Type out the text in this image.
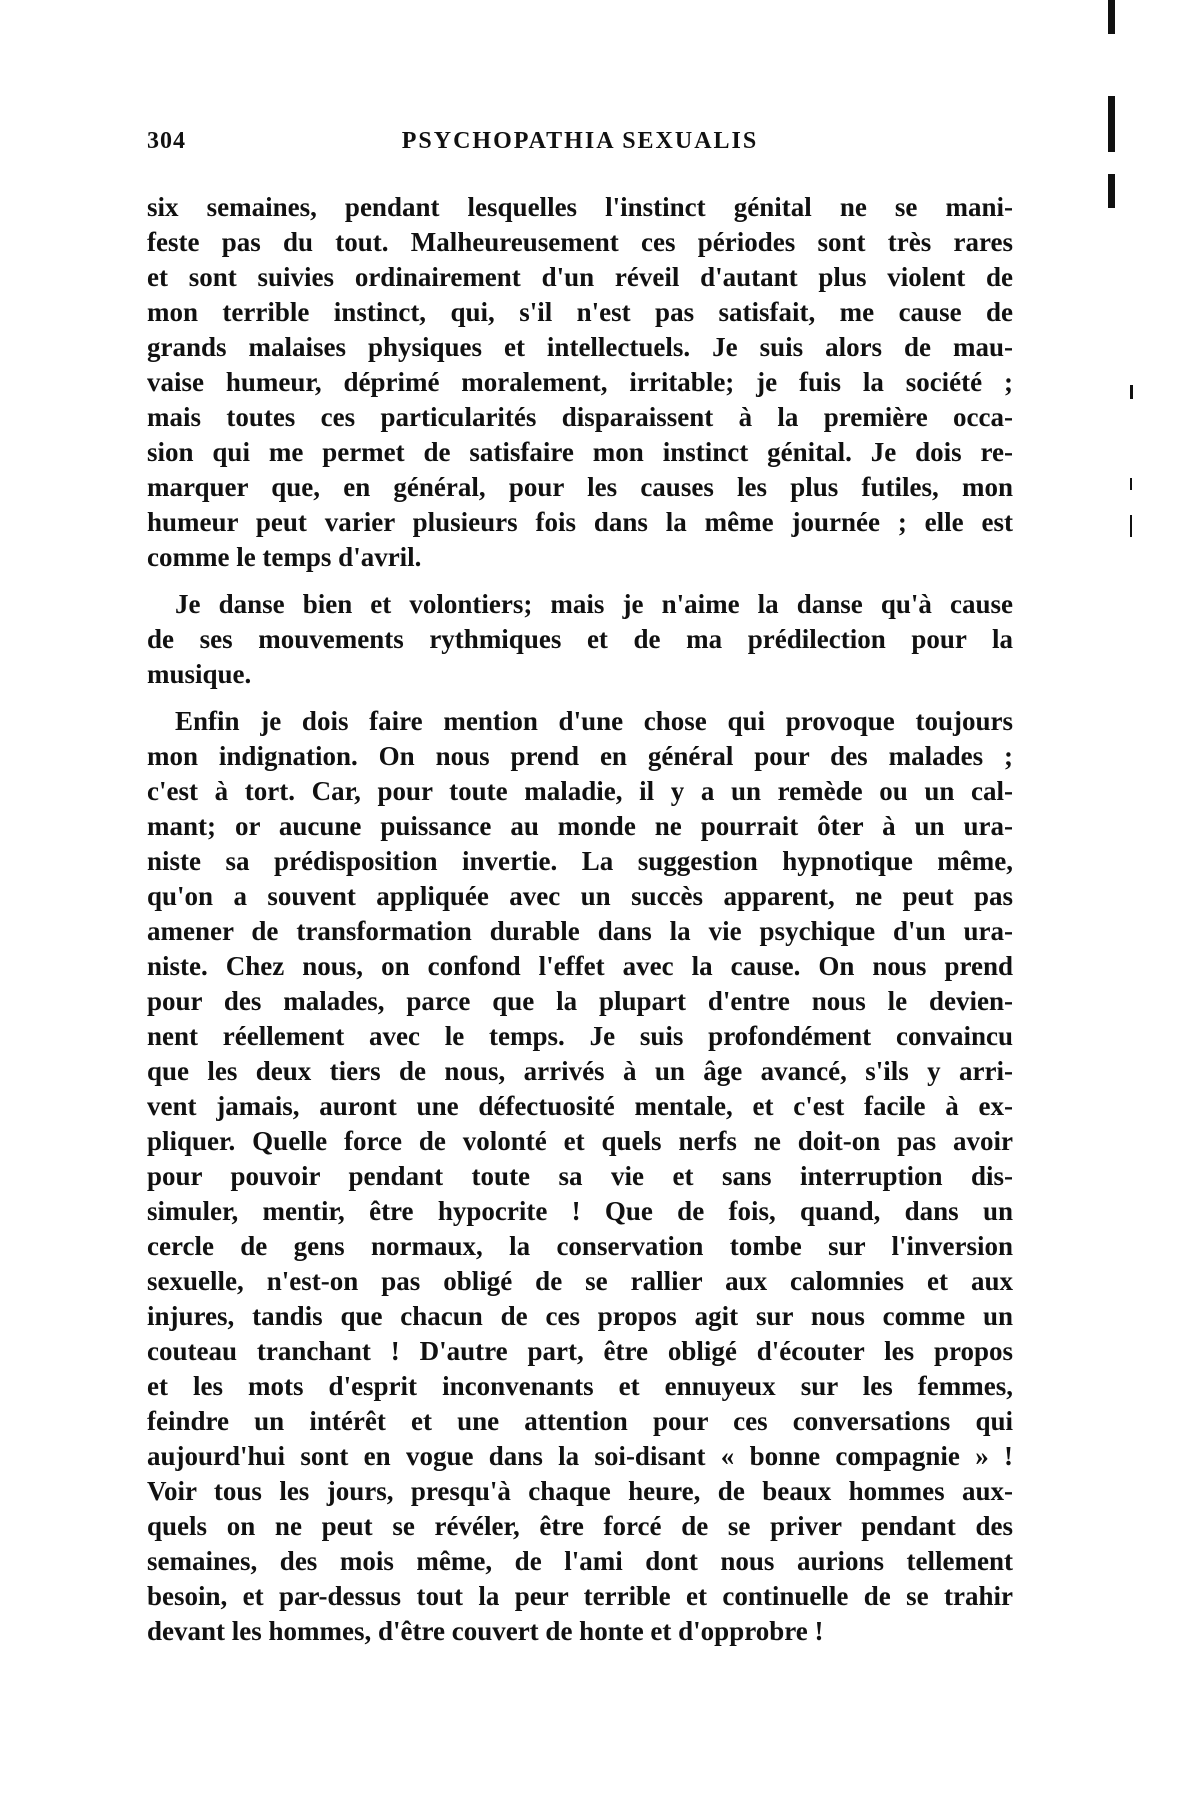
304	PSYCHOPATHIA SEXUALIS
six semaines, pendant lesquelles l'instinct génital ne se mani-
feste pas du tout. Malheureusement ces périodes sont très rares
et sont suivies ordinairement d'un réveil d'autant plus violent de
mon terrible instinct, qui, s'il n'est pas satisfait, me cause de
grands malaises physiques et intellectuels. Je suis alors de mau-
vaise humeur, déprimé moralement, irritable; je fuis la société ;
mais toutes ces particularités disparaissent à la première occa-
sion qui me permet de satisfaire mon instinct génital. Je dois re-
marquer que, en général, pour les causes les plus futiles, mon
humeur peut varier plusieurs fois dans la même journée ; elle est
comme le temps d'avril.
Je danse bien et volontiers; mais je n'aime la danse qu'à cause
de ses mouvements rythmiques et de ma prédilection pour la
musique.
Enfin je dois faire mention d'une chose qui provoque toujours
mon indignation. On nous prend en général pour des malades ;
c'est à tort. Car, pour toute maladie, il y a un remède ou un cal-
mant; or aucune puissance au monde ne pourrait ôter à un ura-
niste sa prédisposition invertie. La suggestion hypnotique même,
qu'on a souvent appliquée avec un succès apparent, ne peut pas
amener de transformation durable dans la vie psychique d'un ura-
niste. Chez nous, on confond l'effet avec la cause. On nous prend
pour des malades, parce que la plupart d'entre nous le devien-
nent réellement avec le temps. Je suis profondément convaincu
que les deux tiers de nous, arrivés à un âge avancé, s'ils y arri-
vent jamais, auront une défectuosité mentale, et c'est facile à ex-
pliquer. Quelle force de volonté et quels nerfs ne doit-on pas avoir
pour pouvoir pendant toute sa vie et sans interruption dis-
simuler, mentir, être hypocrite ! Que de fois, quand, dans un
cercle de gens normaux, la conservation tombe sur l'inversion
sexuelle, n'est-on pas obligé de se rallier aux calomnies et aux
injures, tandis que chacun de ces propos agit sur nous comme un
couteau tranchant ! D'autre part, être obligé d'écouter les propos
et les mots d'esprit inconvenants et ennuyeux sur les femmes,
feindre un intérêt et une attention pour ces conversations qui
aujourd'hui sont en vogue dans la soi-disant « bonne compagnie » !
Voir tous les jours, presqu'à chaque heure, de beaux hommes aux-
quels on ne peut se révéler, être forcé de se priver pendant des
semaines, des mois même, de l'ami dont nous aurions tellement
besoin, et par-dessus tout la peur terrible et continuelle de se trahir
devant les hommes, d'être couvert de honte et d'opprobre !
